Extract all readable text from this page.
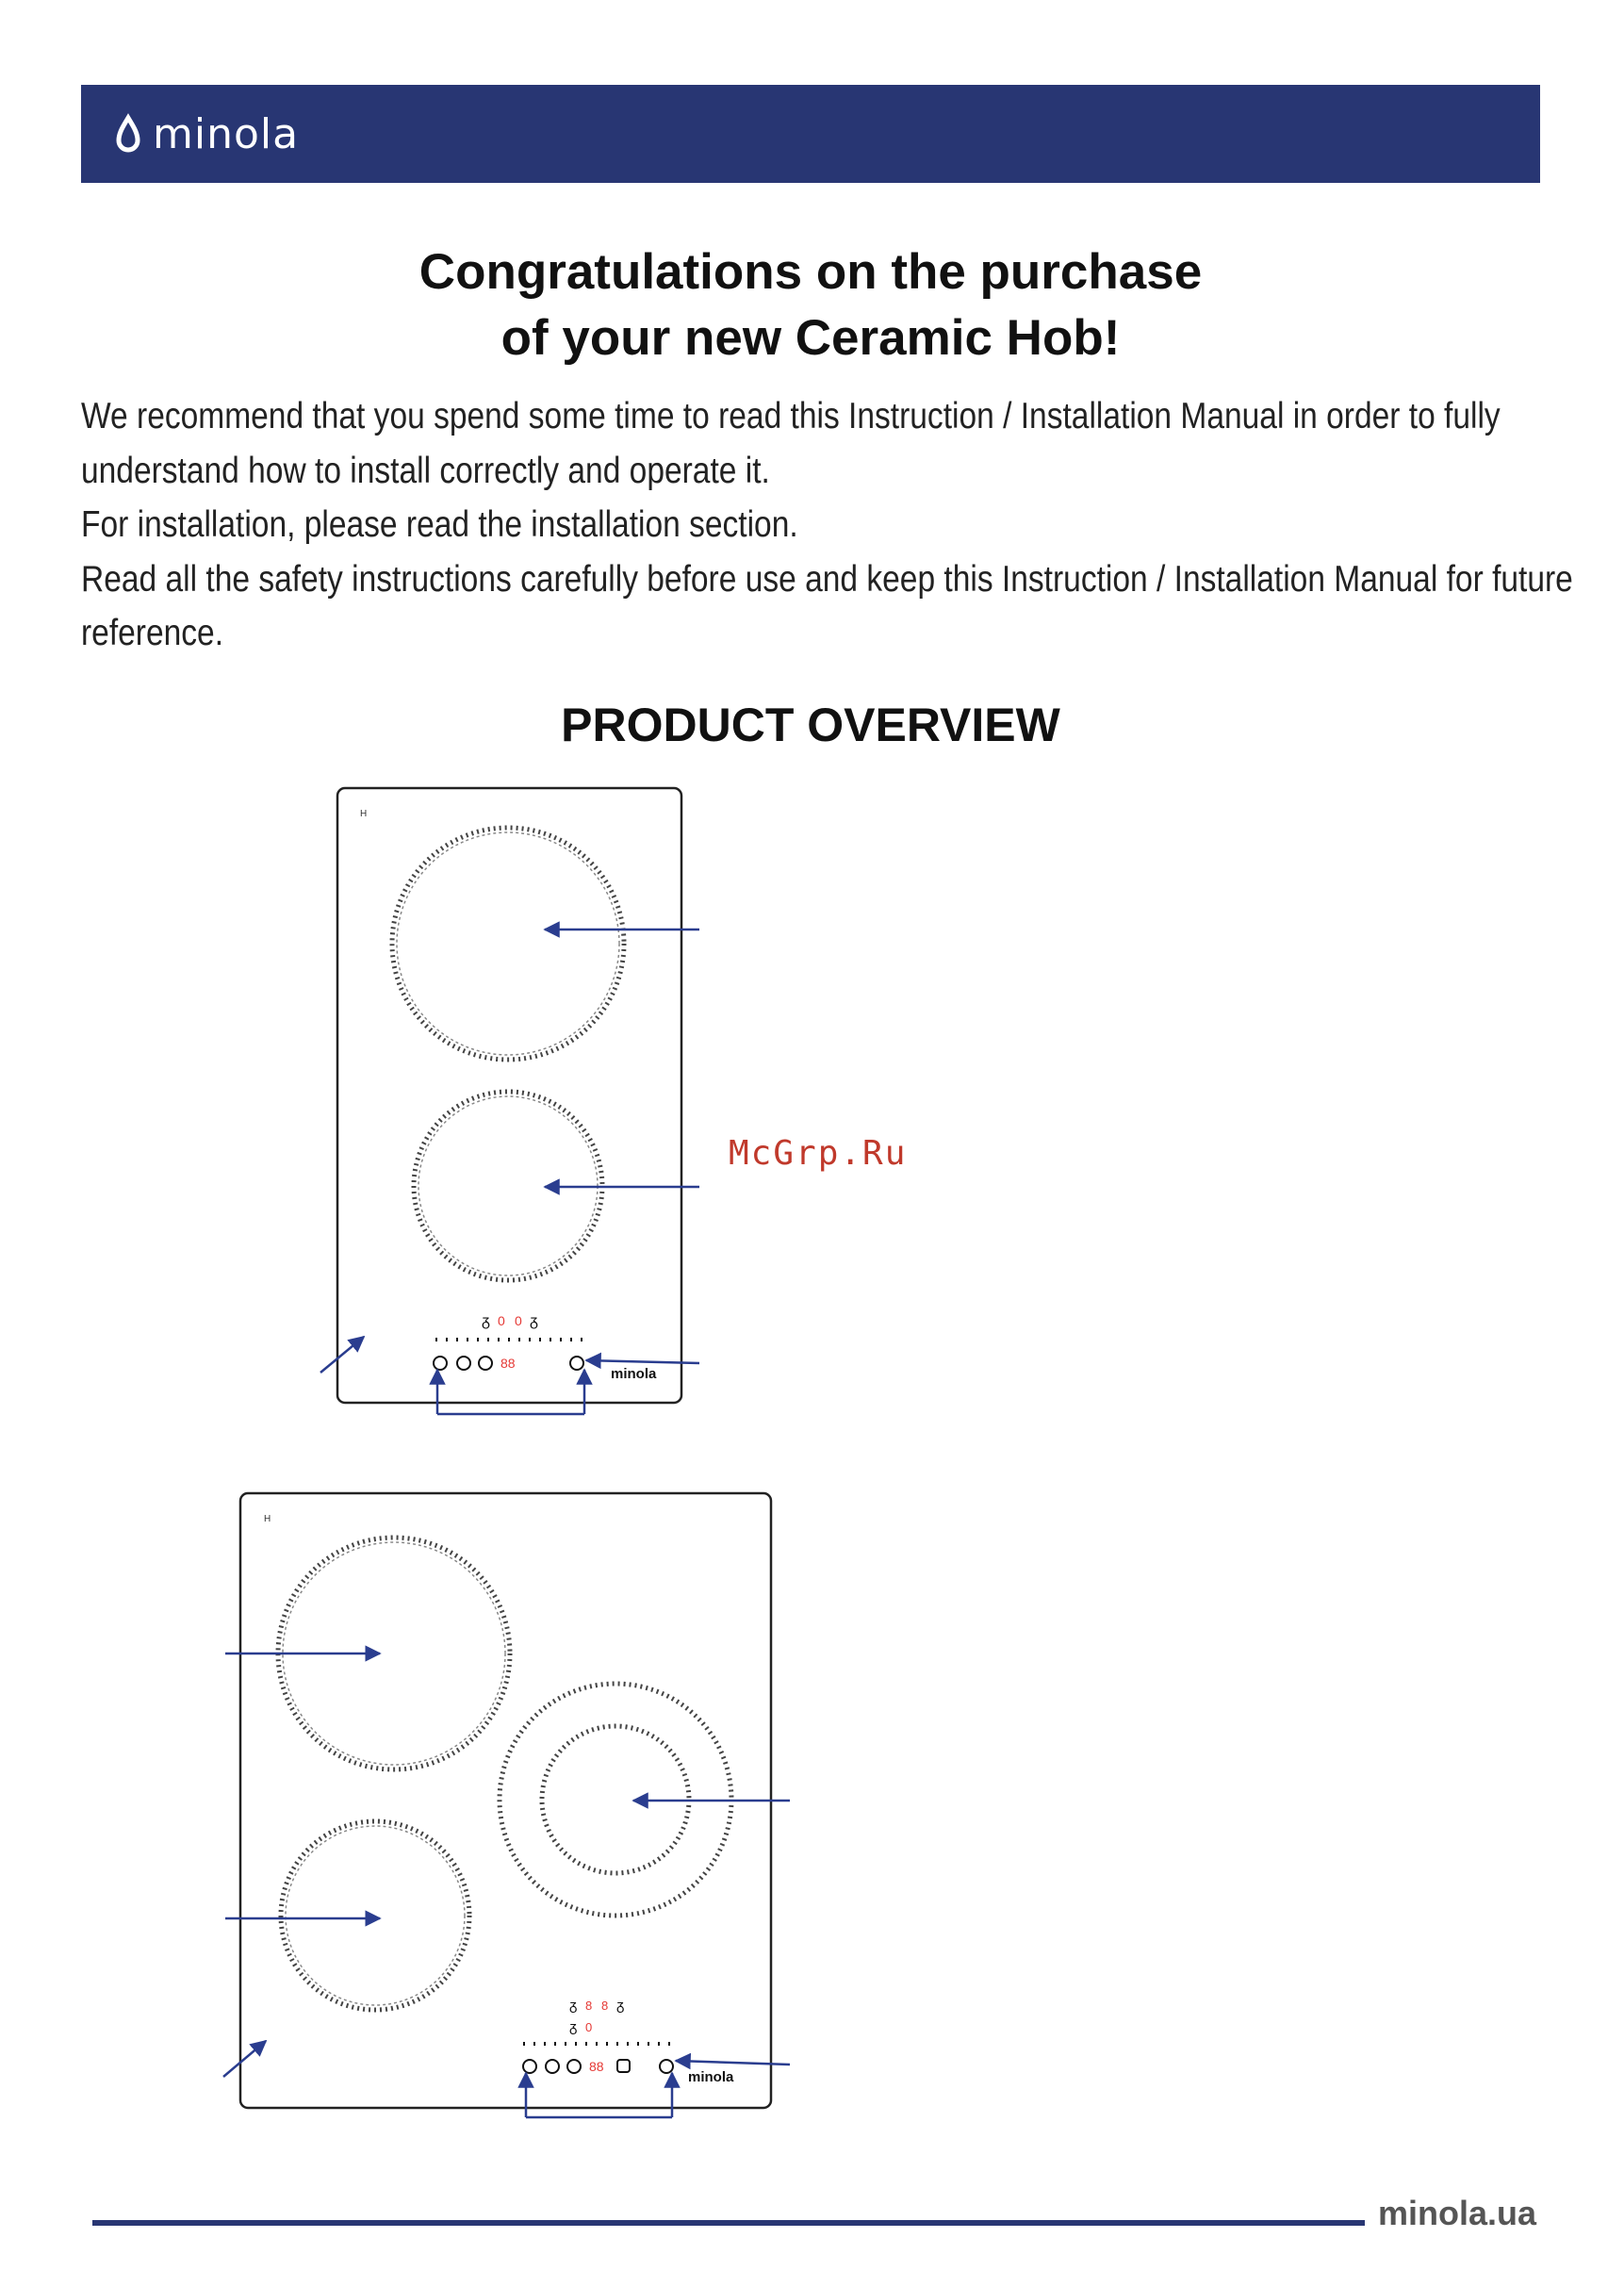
minola
Congratulations on the purchase
of your new Ceramic Hob!

We recommend that you spend some time to read this Instruction / Installation Manual in order to fully

understand how to install correctly and operate it.

For installation, please read the installation section.

Read all the safety instructions carefully before use and keep this Instruction / Installation Manual for future

reference.

PRODUCT OVERVIEW
H
ᵹ 0 0 ᵹ
88
minola
H
ᵹ 8 8 ᵹ
ᵹ 0
88
minola
McGrp.Ru
minola.ua
